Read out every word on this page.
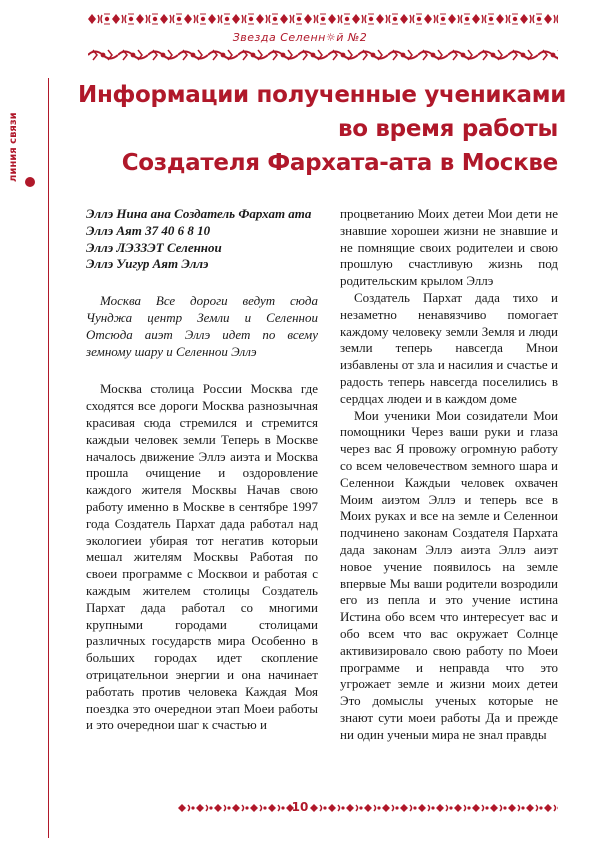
Звезда Селенн☼й №2
линия связи
Информации полученные учениками
во время работы
Создателя Фархата-ата в Москве
Эллэ Нина ана Создатель Фархат ата
Эллэ Аят 37 40 6 8 10
Эллэ ЛЭЗЗЭТ Селеннои
Эллэ Уигур Аят Эллэ

Москва Все дороги ведут сюда Чунджа центр Земли и Селеннои Отсюда аиэт Эллэ идет по всему земному шару и Селеннои Эллэ

Москва столица России Москва где сходятся все дороги Москва разнозычная красивая сюда стремился и стремится каждыи человек земли Теперь в Москве началось движение Эллэ аиэта и Москва прошла очищение и оздоровление каждого жителя Москвы Начав свою работу именно в Москве в сентябре 1997 года Создатель Пархат дада работал над экологиеи убирая тот негатив которыи мешал жителям Москвы Работая по своеи программе с Москвои и работая с каждым жителем столицы Создатель Пархат дада работал со многими крупными городами столицами различных государств мира Особенно в больших городах идет скопление отрицательнои энергии и она начинает работать против человека Каждая Моя поездка это очереднои этап Моеи работы и это очереднои шаг к счастью и

процветанию Моих детеи Мои дети не знавшие хорошеи жизни не знавшие и не помнящие своих родителеи и свою прошлую счастливую жизнь под родительским крылом Эллэ

Создатель Пархат дада тихо и незаметно ненавязчиво помогает каждому человеку земли Земля и люди земли теперь навсегда Мнои избавлены от зла и насилия и счастье и радость теперь навсегда поселились в сердцах людеи и в каждом доме

Мои ученики Мои созидатели Мои помощники Через ваши руки и глаза через вас Я провожу огромную работу со всем человечеством земного шара и Селеннои Каждыи человек охвачен Моим аиэтом Эллэ и теперь все в Моих руках и все на земле и Селеннои подчинено законам Создателя Пархата дада законам Эллэ аиэта Эллэ аиэт новое учение появилось на земле впервые Мы ваши родители возродили его из пепла и это учение истина Истина обо всем что интересует вас и обо всем что вас окружает Солнце активизировало свою работу по Моеи программе и неправда что это угрожает земле и жизни моих детеи Это домыслы ученых которые не знают сути моеи работы Да и прежде ни один ученыи мира не знал правды

10
